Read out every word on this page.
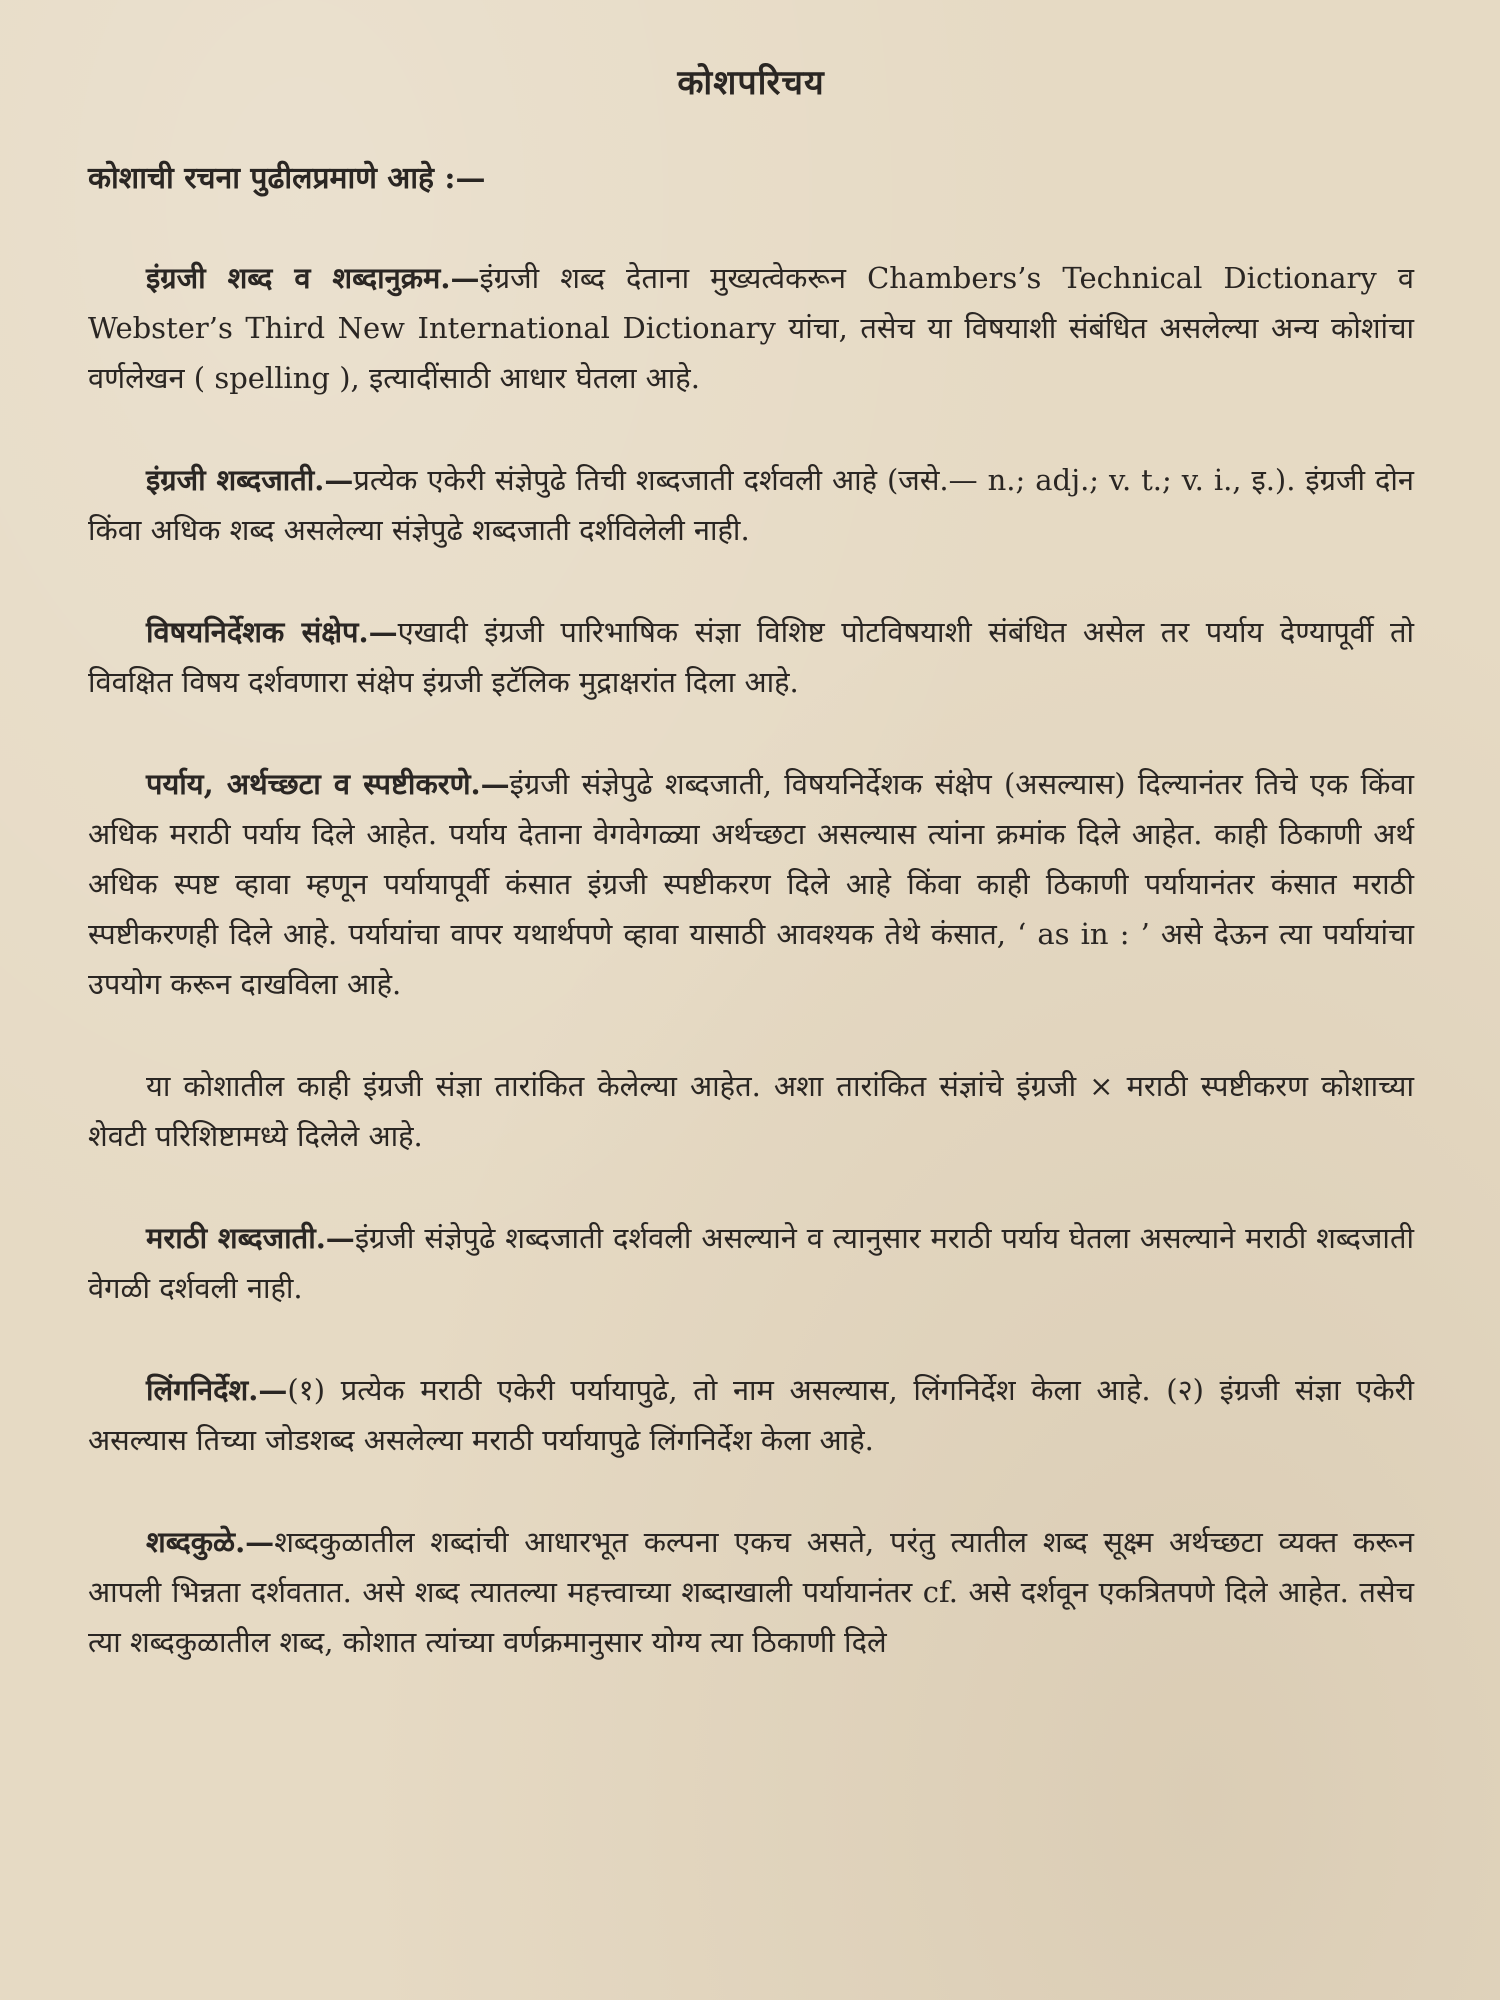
कोशपरिचय
कोशाची रचना पुढीलप्रमाणे आहे :—

इंग्रजी शब्द व शब्दानुक्रम.—इंग्रजी शब्द देताना मुख्यत्वेकरून Chambers’s Technical Dictionary व Webster’s Third New International Dictionary यांचा, तसेच या विषयाशी संबंधित असलेल्या अन्य कोशांचा वर्णलेखन ( spelling ), इत्यादींसाठी आधार घेतला आहे.

इंग्रजी शब्दजाती.—प्रत्येक एकेरी संज्ञेपुढे तिची शब्दजाती दर्शवली आहे (जसे.— n.; adj.; v. t.; v. i., इ.). इंग्रजी दोन किंवा अधिक शब्द असलेल्या संज्ञेपुढे शब्दजाती दर्शविलेली नाही.

विषयनिर्देशक संक्षेप.—एखादी इंग्रजी पारिभाषिक संज्ञा विशिष्ट पोटविषयाशी संबंधित असेल तर पर्याय देण्यापूर्वी तो विवक्षित विषय दर्शवणारा संक्षेप इंग्रजी इटॅलिक मुद्राक्षरांत दिला आहे.

पर्याय, अर्थच्छटा व स्पष्टीकरणे.—इंग्रजी संज्ञेपुढे शब्दजाती, विषयनिर्देशक संक्षेप (असल्यास) दिल्यानंतर तिचे एक किंवा अधिक मराठी पर्याय दिले आहेत. पर्याय देताना वेगवेगळ्या अर्थच्छटा असल्यास त्यांना क्रमांक दिले आहेत. काही ठिकाणी अर्थ अधिक स्पष्ट व्हावा म्हणून पर्यायापूर्वी कंसात इंग्रजी स्पष्टीकरण दिले आहे किंवा काही ठिकाणी पर्यायानंतर कंसात मराठी स्पष्टीकरणही दिले आहे. पर्यायांचा वापर यथार्थपणे व्हावा यासाठी आवश्यक तेथे कंसात, ‘ as in : ’ असे देऊन त्या पर्यायांचा उपयोग करून दाखविला आहे.

या कोशातील काही इंग्रजी संज्ञा तारांकित केलेल्या आहेत. अशा तारांकित संज्ञांचे इंग्रजी × मराठी स्पष्टीकरण कोशाच्या शेवटी परिशिष्टामध्ये दिलेले आहे.

मराठी शब्दजाती.—इंग्रजी संज्ञेपुढे शब्दजाती दर्शवली असल्याने व त्यानुसार मराठी पर्याय घेतला असल्याने मराठी शब्दजाती वेगळी दर्शवली नाही.

लिंगनिर्देश.—(१) प्रत्येक मराठी एकेरी पर्यायापुढे, तो नाम असल्यास, लिंगनिर्देश केला आहे. (२) इंग्रजी संज्ञा एकेरी असल्यास तिच्या जोडशब्द असलेल्या मराठी पर्यायापुढे लिंगनिर्देश केला आहे.

शब्दकुळे.—शब्दकुळातील शब्दांची आधारभूत कल्पना एकच असते, परंतु त्यातील शब्द सूक्ष्म अर्थच्छटा व्यक्त करून आपली भिन्नता दर्शवतात. असे शब्द त्यातल्या महत्त्वाच्या शब्दाखाली पर्यायानंतर cf. असे दर्शवून एकत्रितपणे दिले आहेत. तसेच त्या शब्दकुळातील शब्द, कोशात त्यांच्या वर्णक्रमानुसार योग्य त्या ठिकाणी दिले
